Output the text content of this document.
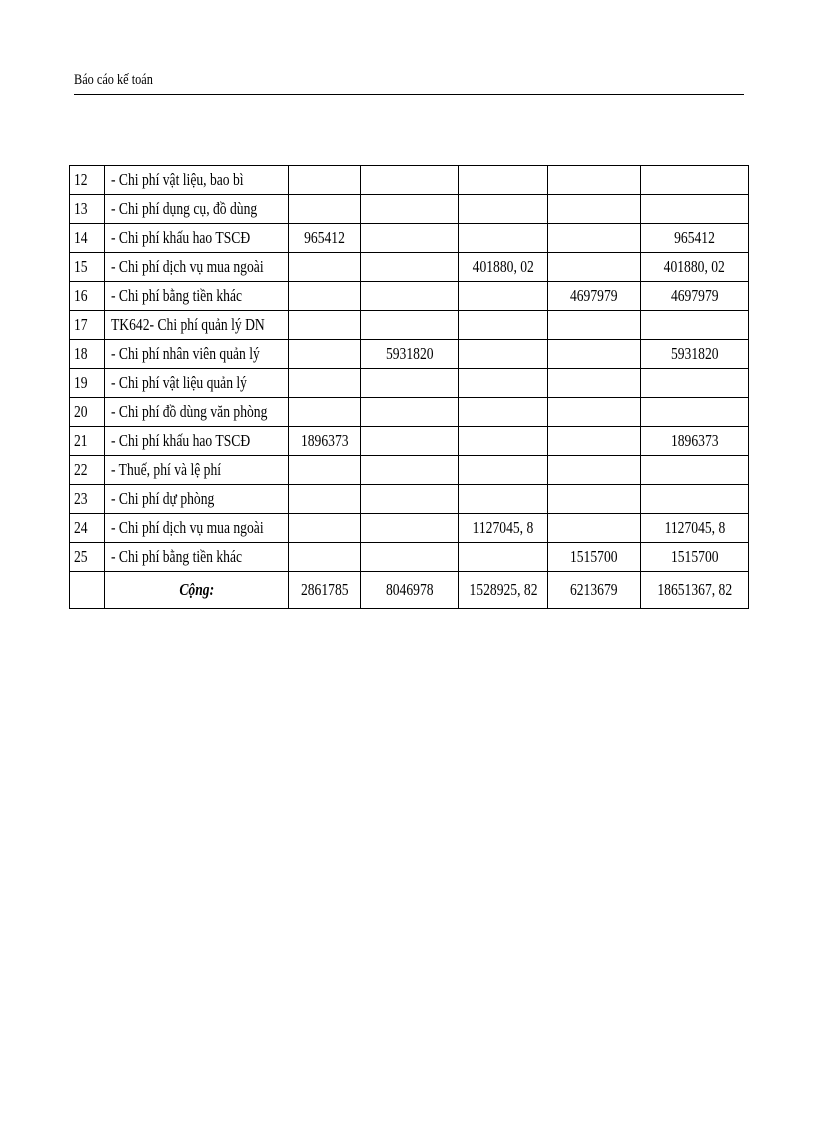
Báo cáo kế toán
12	- Chi phí vật liệu, bao bì					
13	- Chi phí dụng cụ, đồ dùng					
14	- Chi phí khấu hao TSCĐ	965412				965412
15	- Chi phí dịch vụ mua ngoài			401880, 02		401880, 02
16	- Chi phí bằng tiền khác				4697979	4697979
17	TK642- Chi phí quản lý DN					
18	- Chi phí nhân viên quản lý		5931820			5931820
19	- Chi phí vật liệu quản lý					
20	- Chi phí đồ dùng văn phòng					
21	- Chi phí khấu hao TSCĐ	1896373				1896373
22	- Thuế, phí và lệ phí					
23	- Chi phí dự phòng					
24	- Chi phí dịch vụ mua ngoài			1127045, 8		1127045, 8
25	- Chi phí bằng tiền khác				1515700	1515700
	Cộng:	2861785	8046978	1528925, 82	6213679	18651367, 82
